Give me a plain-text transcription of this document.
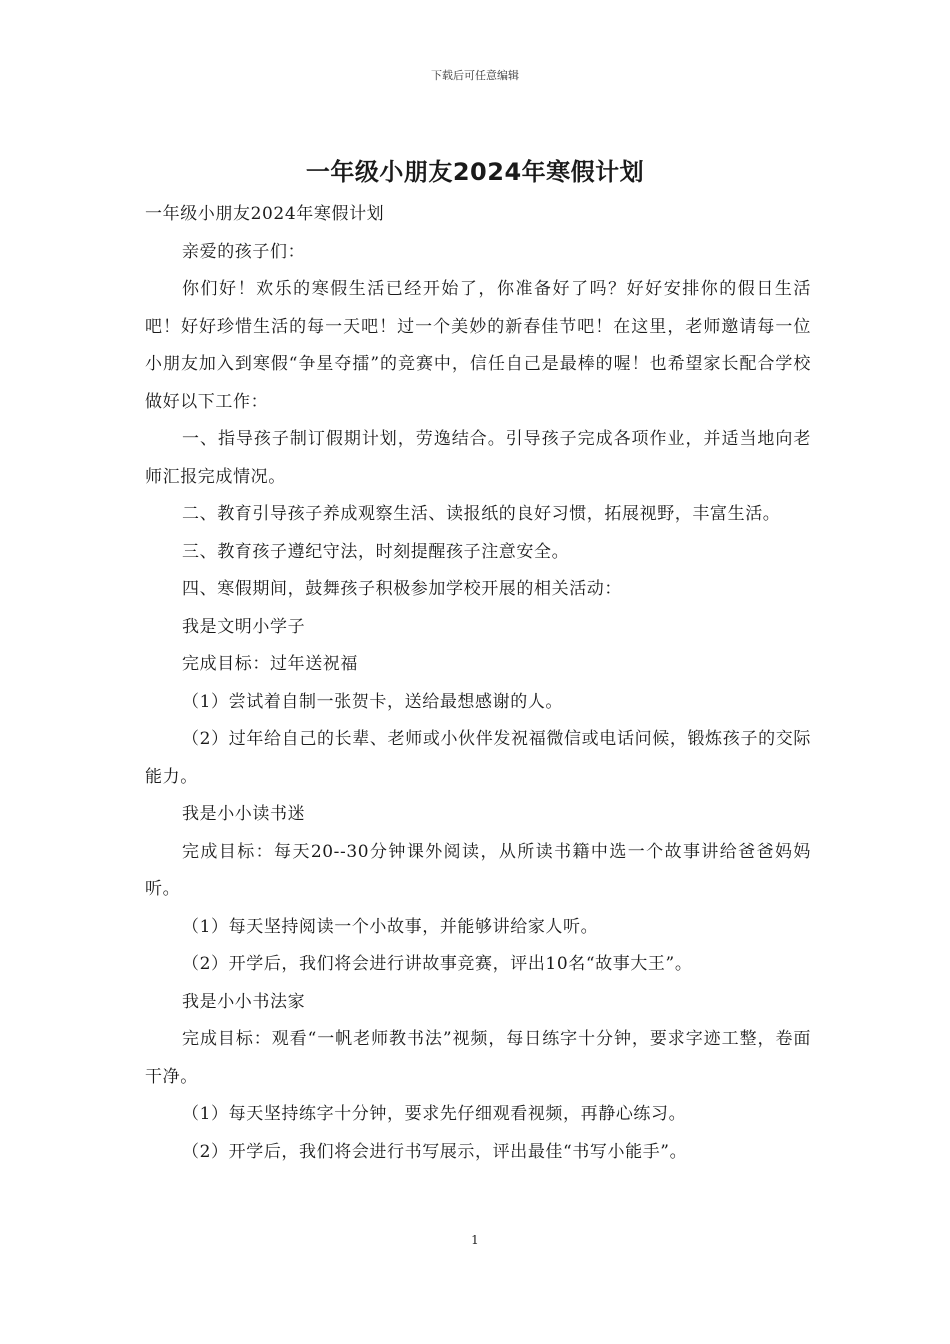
下载后可任意编辑
一年级小朋友2024年寒假计划

一年级小朋友2024年寒假计划

亲爱的孩子们：

你们好！欢乐的寒假生活已经开始了，你准备好了吗？好好安排你的假日生活吧！好好珍惜生活的每一天吧！过一个美妙的新春佳节吧！在这里，老师邀请每一位小朋友加入到寒假“争星夺擂”的竞赛中，信任自己是最棒的喔！也希望家长配合学校做好以下工作：

一、指导孩子制订假期计划，劳逸结合。引导孩子完成各项作业，并适当地向老师汇报完成情况。

二、教育引导孩子养成观察生活、读报纸的良好习惯，拓展视野，丰富生活。

三、教育孩子遵纪守法，时刻提醒孩子注意安全。

四、寒假期间，鼓舞孩子积极参加学校开展的相关活动：

我是文明小学子

完成目标：过年送祝福

（1）尝试着自制一张贺卡，送给最想感谢的人。

（2）过年给自己的长辈、老师或小伙伴发祝福微信或电话问候，锻炼孩子的交际能力。

我是小小读书迷

完成目标：每天20--30分钟课外阅读，从所读书籍中选一个故事讲给爸爸妈妈听。

（1）每天坚持阅读一个小故事，并能够讲给家人听。

（2）开学后，我们将会进行讲故事竞赛，评出10名“故事大王”。

我是小小书法家

完成目标：观看“一帆老师教书法”视频，每日练字十分钟，要求字迹工整，卷面干净。

（1）每天坚持练字十分钟，要求先仔细观看视频，再静心练习。

（2）开学后，我们将会进行书写展示，评出最佳“书写小能手”。

1
